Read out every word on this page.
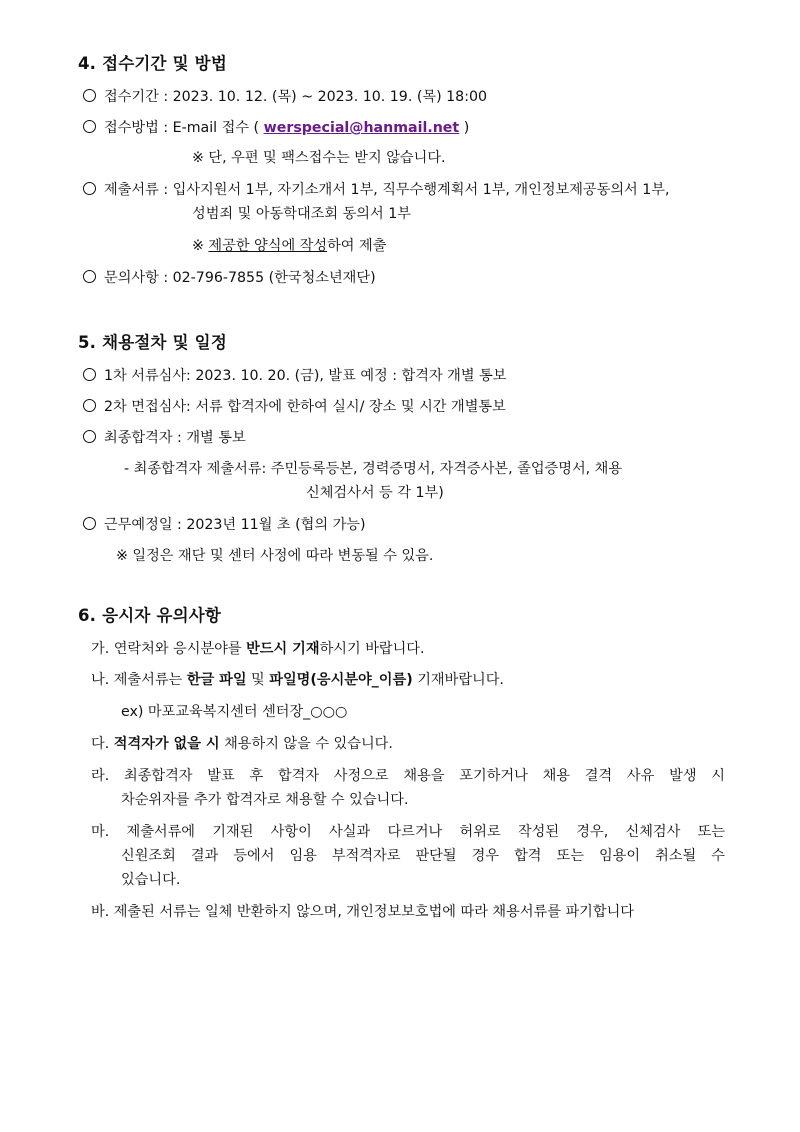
4. 접수기간 및 방법
접수기간 : 2023. 10. 12. (목) ~ 2023. 10. 19. (목) 18:00
접수방법 : E-mail 접수 ( werspecial@hanmail.net )
※ 단, 우편 및 팩스접수는 받지 않습니다.
제출서류 : 입사지원서 1부, 자기소개서 1부, 직무수행계획서 1부, 개인정보제공동의서 1부,
성범죄 및 아동학대조회 동의서 1부
※ 제공한 양식에 작성하여 제출
문의사항 : 02-796-7855 (한국청소년재단)
5. 채용절차 및 일정
1차 서류심사: 2023. 10. 20. (금), 발표 예정 : 합격자 개별 통보
2차 면접심사: 서류 합격자에 한하여 실시/ 장소 및 시간 개별통보
최종합격자 : 개별 통보
- 최종합격자 제출서류: 주민등록등본, 경력증명서, 자격증사본, 졸업증명서, 채용
신체검사서 등 각 1부)
근무예정일 : 2023년 11월 초 (협의 가능)
※ 일정은 재단 및 센터 사정에 따라 변동될 수 있음.
6. 응시자 유의사항
가. 연락처와 응시분야를 반드시 기재하시기 바랍니다.
나. 제출서류는 한글 파일 및 파일명(응시분야_이름) 기재바랍니다.
ex) 마포교육복지센터 센터장_○○○
다. 적격자가 없을 시 채용하지 않을 수 있습니다.
라. 최종합격자 발표 후 합격자 사정으로 채용을 포기하거나 채용 결격 사유 발생 시
차순위자를 추가 합격자로 채용할 수 있습니다.
마. 제출서류에 기재된 사항이 사실과 다르거나 허위로 작성된 경우, 신체검사 또는
신원조회 결과 등에서 임용 부적격자로 판단될 경우 합격 또는 임용이 취소될 수
있습니다.
바. 제출된 서류는 일체 반환하지 않으며, 개인정보보호법에 따라 채용서류를 파기합니다
